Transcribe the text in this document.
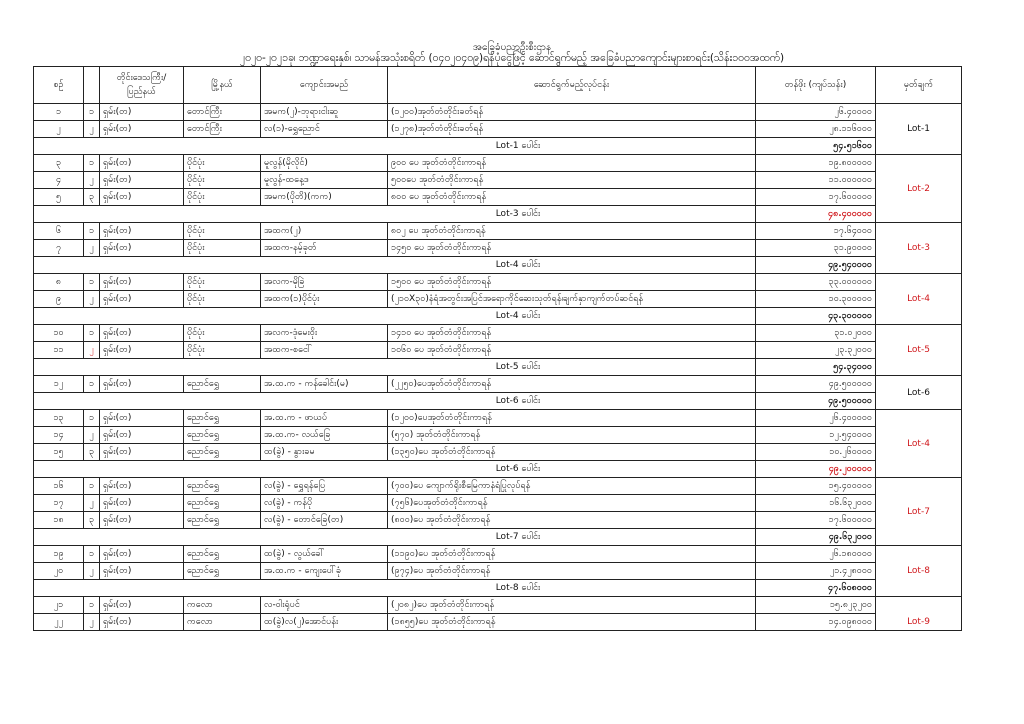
အခြေခံပညာဦးစီးဌာန
၂၀၂၀-၂၀၂၁ခု၊ ဘဏ္ဍာရေးနှစ်၊ သာမန်အသုံးစရိတ် (၀၄၀၂၀၄၀၉)ရန်ပုံငွေဖြင့် ဆောင်ရွက်မည့် အခြေခံပညာကျောင်းများစာရင်း(သိန်း၁၀၀အထက်)
စဉ်		တိုင်းဒေသကြီး/ ပြည်နယ်	မြို့နယ်	ကျောင်းအမည်	ဆောင်ရွက်မည့်လုပ်ငန်း	တန်ဖိုး (ကျပ်သန်း)	မှတ်ချက်
၁	၁	ရှမ်း(တ)	တောင်ကြီး	အမက(၂)-ဘုရားငါးဆူ	(၁၂၀၀)အုတ်တံတိုင်းခတ်ရန်	၂၆.၄၀၀၀၀	Lot-1
၂	၂	ရှမ်း(တ)	တောင်ကြီး	လ(၁)-ရွှေညောင်	(၁၂၇၈)အုတ်တံတိုင်းခတ်ရန်	၂၈.၁၁၆၀၀၀	
Lot-1 ပေါင်း						၅၄.၅၁၆၀၀	
၃	၁	ရှမ်း(တ)	ပိုင်ပုံး	မူလွန်(မိုလိုင်)	၉၀၀ ပေ အုတ်တံတိုင်းကာရန်	၁၉.၈၀၀၀၀၀	Lot-2
၄	၂	ရှမ်း(တ)	ပိုင်ပုံး	မူလွန်-ထနေ့ဒ	၅၀၀ပေ အုတ်တံတိုင်းကာရန်	၁၁.၀၀၀၀၀၀	
၅	၃	ရှမ်း(တ)	ပိုင်ပုံး	အမက(ပိုတိ)(ကက)	၈၀၀ ပေ အုတ်တံတိုင်းကာရန်	၁၇.၆၀၀၀၀၀	
Lot-3 ပေါင်း						၄၈.၄၀၀၀၀၀	
၆	၁	ရှမ်း(တ)	ပိုင်ပုံး	အထက(၂)	၈၀၂ ပေ အုတ်တံတိုင်းကာရန်	၁၇.၆၄၀၀၀	Lot-3
၇	၂	ရှမ်း(တ)	ပိုင်ပုံး	အထက-နမ့်ခုတ်	၁၄၅၀ ပေ အုတ်တံတိုင်းကာရန်	၃၁.၉၀၀၀၀	
Lot-4 ပေါင်း						၄၉.၅၄၀၀၀၀	
၈	၁	ရှမ်း(တ)	ပိုင်ပုံး	အလက-မိုခြဲ	၁၅၀၀ ပေ အုတ်တံတိုင်းကာရန်	၃၃.၀၀၀၀၀၀	Lot-4
၉	၂	ရှမ်း(တ)	ပိုင်ပုံး	အထက(၁)ပိုင်ပုံး	(၂၁၀X၃၀)နံရံအတွင်းအပြင်အရောကိုင်ဆေးသုတ်ရန်၊ချက်နှာကျက်တပ်ဆင်ရန်	၁၀.၃၀၀၀၀၀	
Lot-4 ပေါင်း						၄၃.၃၀၀၀၀၀	
၁၀	၁	ရှမ်း(တ)	ပိုင်ပုံး	အလက-ဒုံမေးဝိုး	၁၄၁၀ ပေ အုတ်တံတိုင်းကာရန်	၃၁.၀၂၀၀၀	Lot-5
၁၁	၂	ရှမ်း(တ)	ပိုင်ပုံး	အထက-စငေါ်	၁၀၆၀ ပေ အုတ်တံတိုင်းကာရန်	၂၃.၃၂၀၀၀	
Lot-5 ပေါင်း						၅၄.၃၄၀၀၀	
၁၂	၁	ရှမ်း(တ)	ညောင်ရွှေ	အ.ထ.က - ကန်ခေါင်း(မ)	(၂၂၅၀)ပေအုတ်တံတိုင်းကာရန်	၄၉.၅၀၀၀၀၀	Lot-6
Lot-6 ပေါင်း						၄၉.၅၀၀၀၀၀	
၁၃	၁	ရှမ်း(တ)	ညောင်ရွှေ	အ.ထ.က - ဖာယပ်	(၁၂၀၀)ပေအုတ်တံတိုင်းကာရန်	၂၆.၄၀၀၀၀၀	Lot-4
၁၄	၂	ရှမ်း(တ)	ညောင်ရွှေ	အ.ထ.က- လယ်ခြေ	(၅၇၀) အုတ်တံတိုင်းကာရန်	၁၂.၅၄၀၀၀၀	
၁၅	၃	ရှမ်း(တ)	ညောင်ရွှေ	ထ(ခွဲ) - နွားခမ	(၁၃၅၀)ပေ အုတ်တံတိုင်းကာရန်	၁၀.၂၆၀၀၀၀	
Lot-6 ပေါင်း						၄၉.၂၀၀၀၀၀	
၁၆	၁	ရှမ်း(တ)	ညောင်ရွှေ	လ(ခွဲ) - ရွှေရန်ပြေ	(၇၀၀)ပေ ကျောက်ရိုးစီမြေကာနံရံပြုလုပ်ရန်	၁၅.၄၀၀၀၀၀	Lot-7
၁၇	၂	ရှမ်း(တ)	ညောင်ရွှေ	လ(ခွဲ) - ကန်ပို	(၇၅၆)ပေအုတ်တံတိုင်းကာရန်	၁၆.၆၃၂၀၀၀	
၁၈	၃	ရှမ်း(တ)	ညောင်ရွှေ	လ(ခွဲ) - တောင်ခြေ(တ)	(၈၀၀)ပေ အုတ်တံတိုင်းကာရန်	၁၇.၆၀၀၀၀၀	
Lot-7 ပေါင်း						၄၉.၆၃၂၀၀၀	
၁၉	၁	ရှမ်း(တ)	ညောင်ရွှေ	ထ(ခွဲ) - လွယ်ခေါ်	(၁၁၉၀)ပေ အုတ်တံတိုင်းကာရန်	၂၆.၁၈၀၀၀၀	Lot-8
၂၀	၂	ရှမ်း(တ)	ညောင်ရွှေ	အ.ထ.က - ကျေးပေါ်ခုံ	(၉၇၄)ပေ အုတ်တံတိုင်းကာရန်	၂၁.၄၂၈၀၀၀	
Lot-8 ပေါင်း						၄၇.၆၀၈၀၀၀	
၂၁	၁	ရှမ်း(တ)	ကလော	လ-ဝါးရုံပင်	(၂၀၈၂)ပေ အုတ်တံတိုင်းကာရန်	၁၅.၈၂၃၂၀၀	Lot-9
၂၂	၂	ရှမ်း(တ)	ကလော	ထ(ခွဲ)လ(၂)အောင်ပန်း	(၁၈၅၅)ပေ အုတ်တံတိုင်းကာရန်	၁၄.၀၉၈၀၀၀	
